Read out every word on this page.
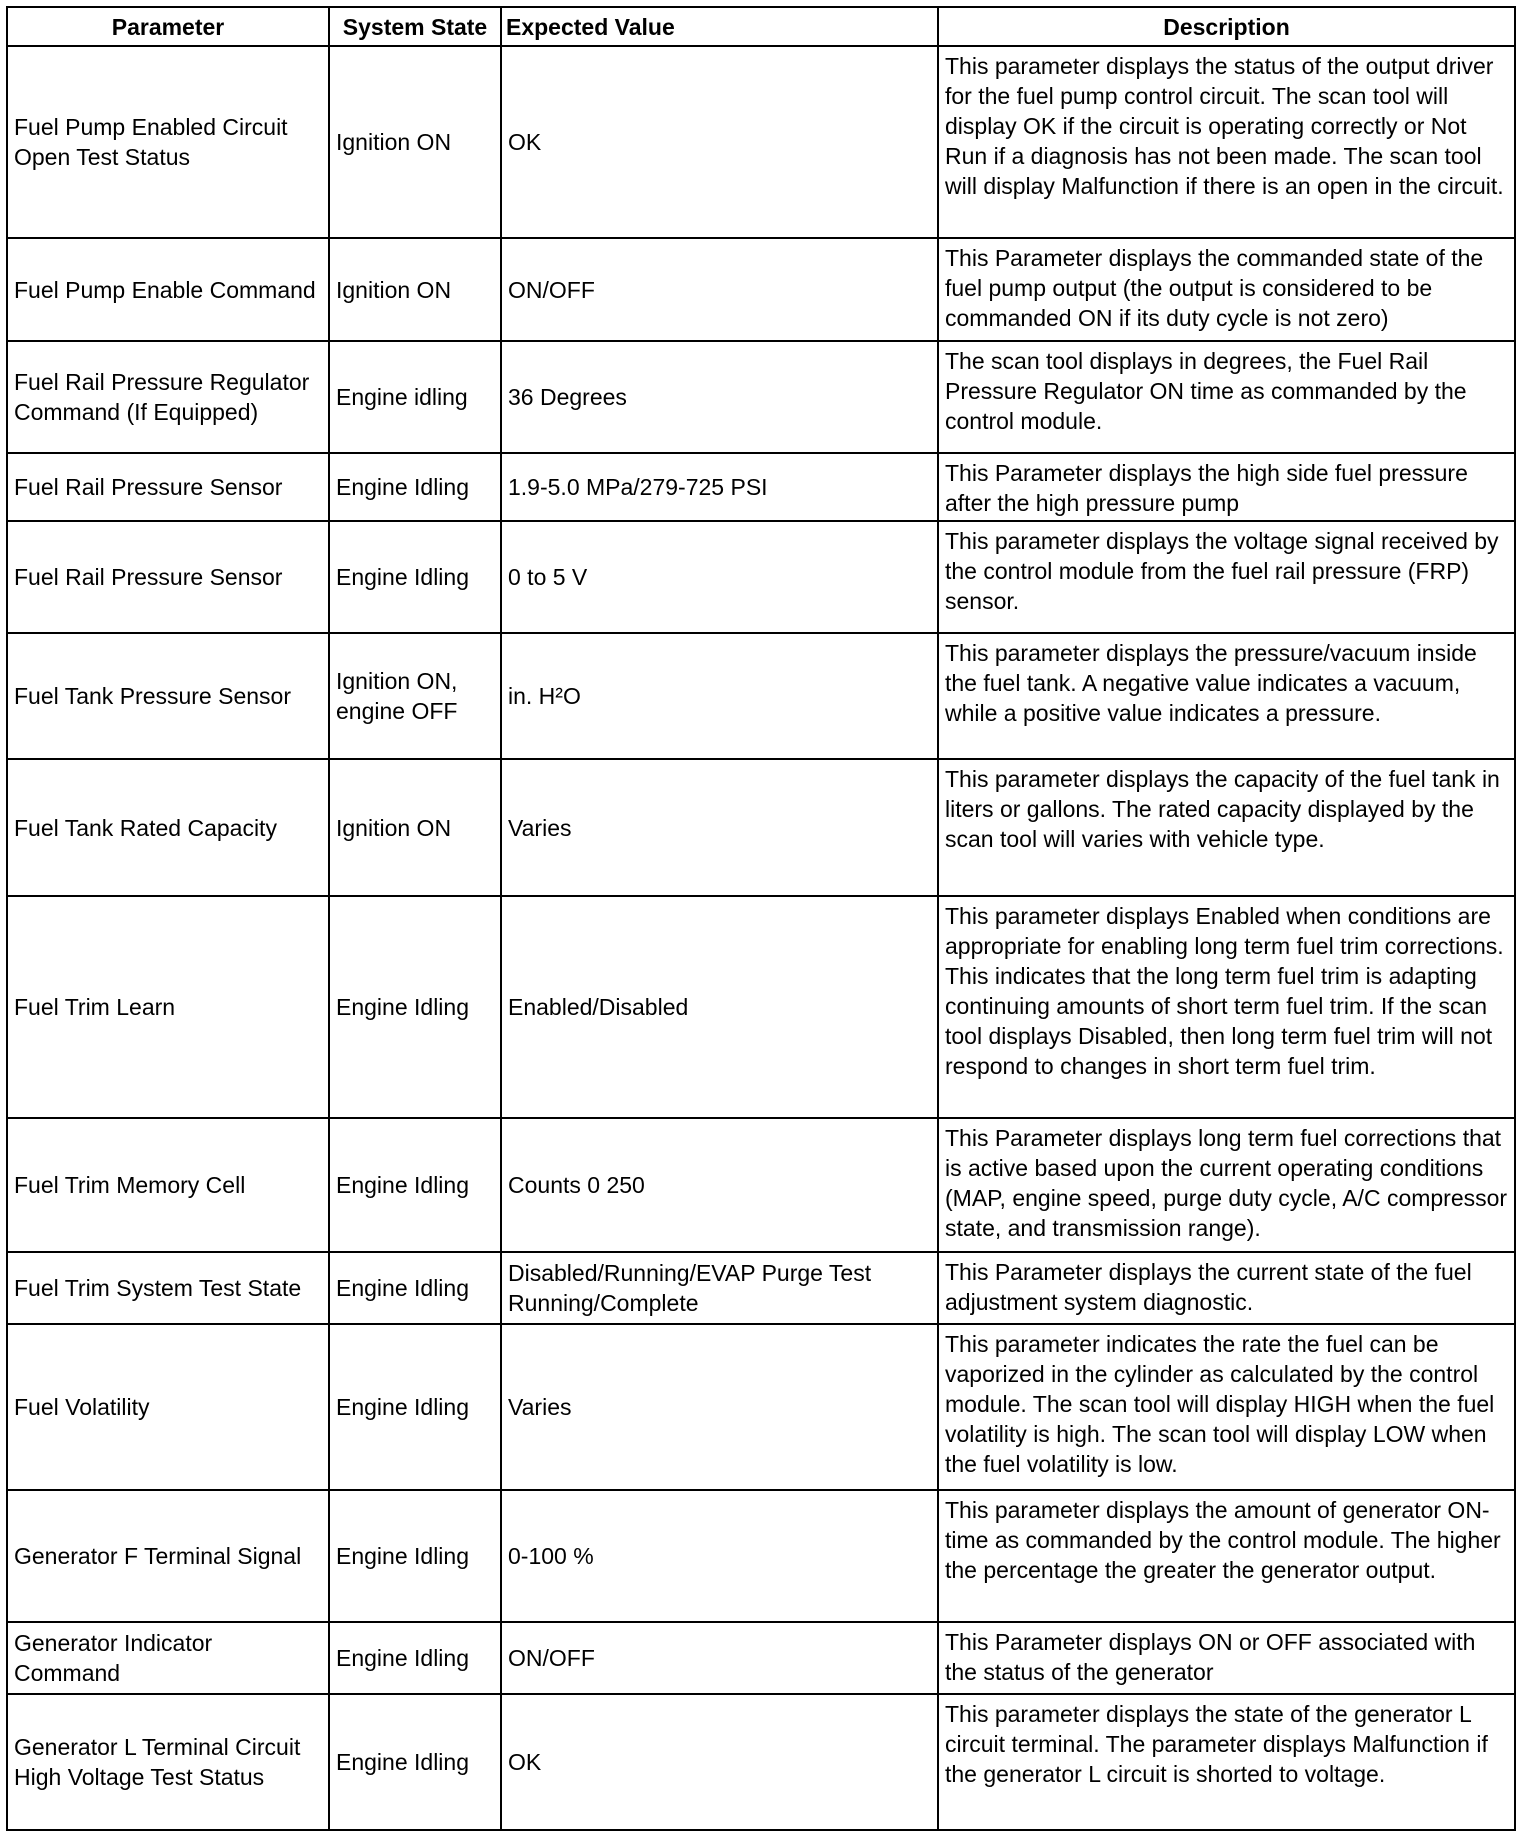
Parameter	System State	Expected Value	Description
Fuel Pump Enabled Circuit Open Test Status	Ignition ON	OK	This parameter displays the status of the output driver for the fuel pump control circuit. The scan tool will display OK if the circuit is operating correctly or Not Run if a diagnosis has not been made. The scan tool will display Malfunction if there is an open in the circuit.
Fuel Pump Enable Command	Ignition ON	ON/OFF	This Parameter displays the commanded state of the fuel pump output (the output is considered to be commanded ON if its duty cycle is not zero)
Fuel Rail Pressure Regulator Command (If Equipped)	Engine idling	36 Degrees	The scan tool displays in degrees, the Fuel Rail Pressure Regulator ON time as commanded by the control module.
Fuel Rail Pressure Sensor	Engine Idling	1.9-5.0 MPa/279-725 PSI	This Parameter displays the high side fuel pressure after the high pressure pump
Fuel Rail Pressure Sensor	Engine Idling	0 to 5 V	This parameter displays the voltage signal received by the control module from the fuel rail pressure (FRP) sensor.
Fuel Tank Pressure Sensor	Ignition ON, engine OFF	in. H²O	This parameter displays the pressure/vacuum inside the fuel tank. A negative value indicates a vacuum, while a positive value indicates a pressure.
Fuel Tank Rated Capacity	Ignition ON	Varies	This parameter displays the capacity of the fuel tank in liters or gallons. The rated capacity displayed by the scan tool will varies with vehicle type.
Fuel Trim Learn	Engine Idling	Enabled/Disabled	This parameter displays Enabled when conditions are appropriate for enabling long term fuel trim corrections. This indicates that the long term fuel trim is adapting continuing amounts of short term fuel trim. If the scan tool displays Disabled, then long term fuel trim will not respond to changes in short term fuel trim.
Fuel Trim Memory Cell	Engine Idling	Counts 0 250	This Parameter displays long term fuel corrections that is active based upon the current operating conditions (MAP, engine speed, purge duty cycle, A/C compressor state, and transmission range).
Fuel Trim System Test State	Engine Idling	Disabled/Running/EVAP Purge Test Running/Complete	This Parameter displays the current state of the fuel adjustment system diagnostic.
Fuel Volatility	Engine Idling	Varies	This parameter indicates the rate the fuel can be vaporized in the cylinder as calculated by the control module. The scan tool will display HIGH when the fuel volatility is high. The scan tool will display LOW when the fuel volatility is low.
Generator F Terminal Signal	Engine Idling	0-100 %	This parameter displays the amount of generator ON-time as commanded by the control module. The higher the percentage the greater the generator output.
Generator Indicator Command	Engine Idling	ON/OFF	This Parameter displays ON or OFF associated with the status of the generator
Generator L Terminal Circuit High Voltage Test Status	Engine Idling	OK	This parameter displays the state of the generator L circuit terminal. The parameter displays Malfunction if the generator L circuit is shorted to voltage.
